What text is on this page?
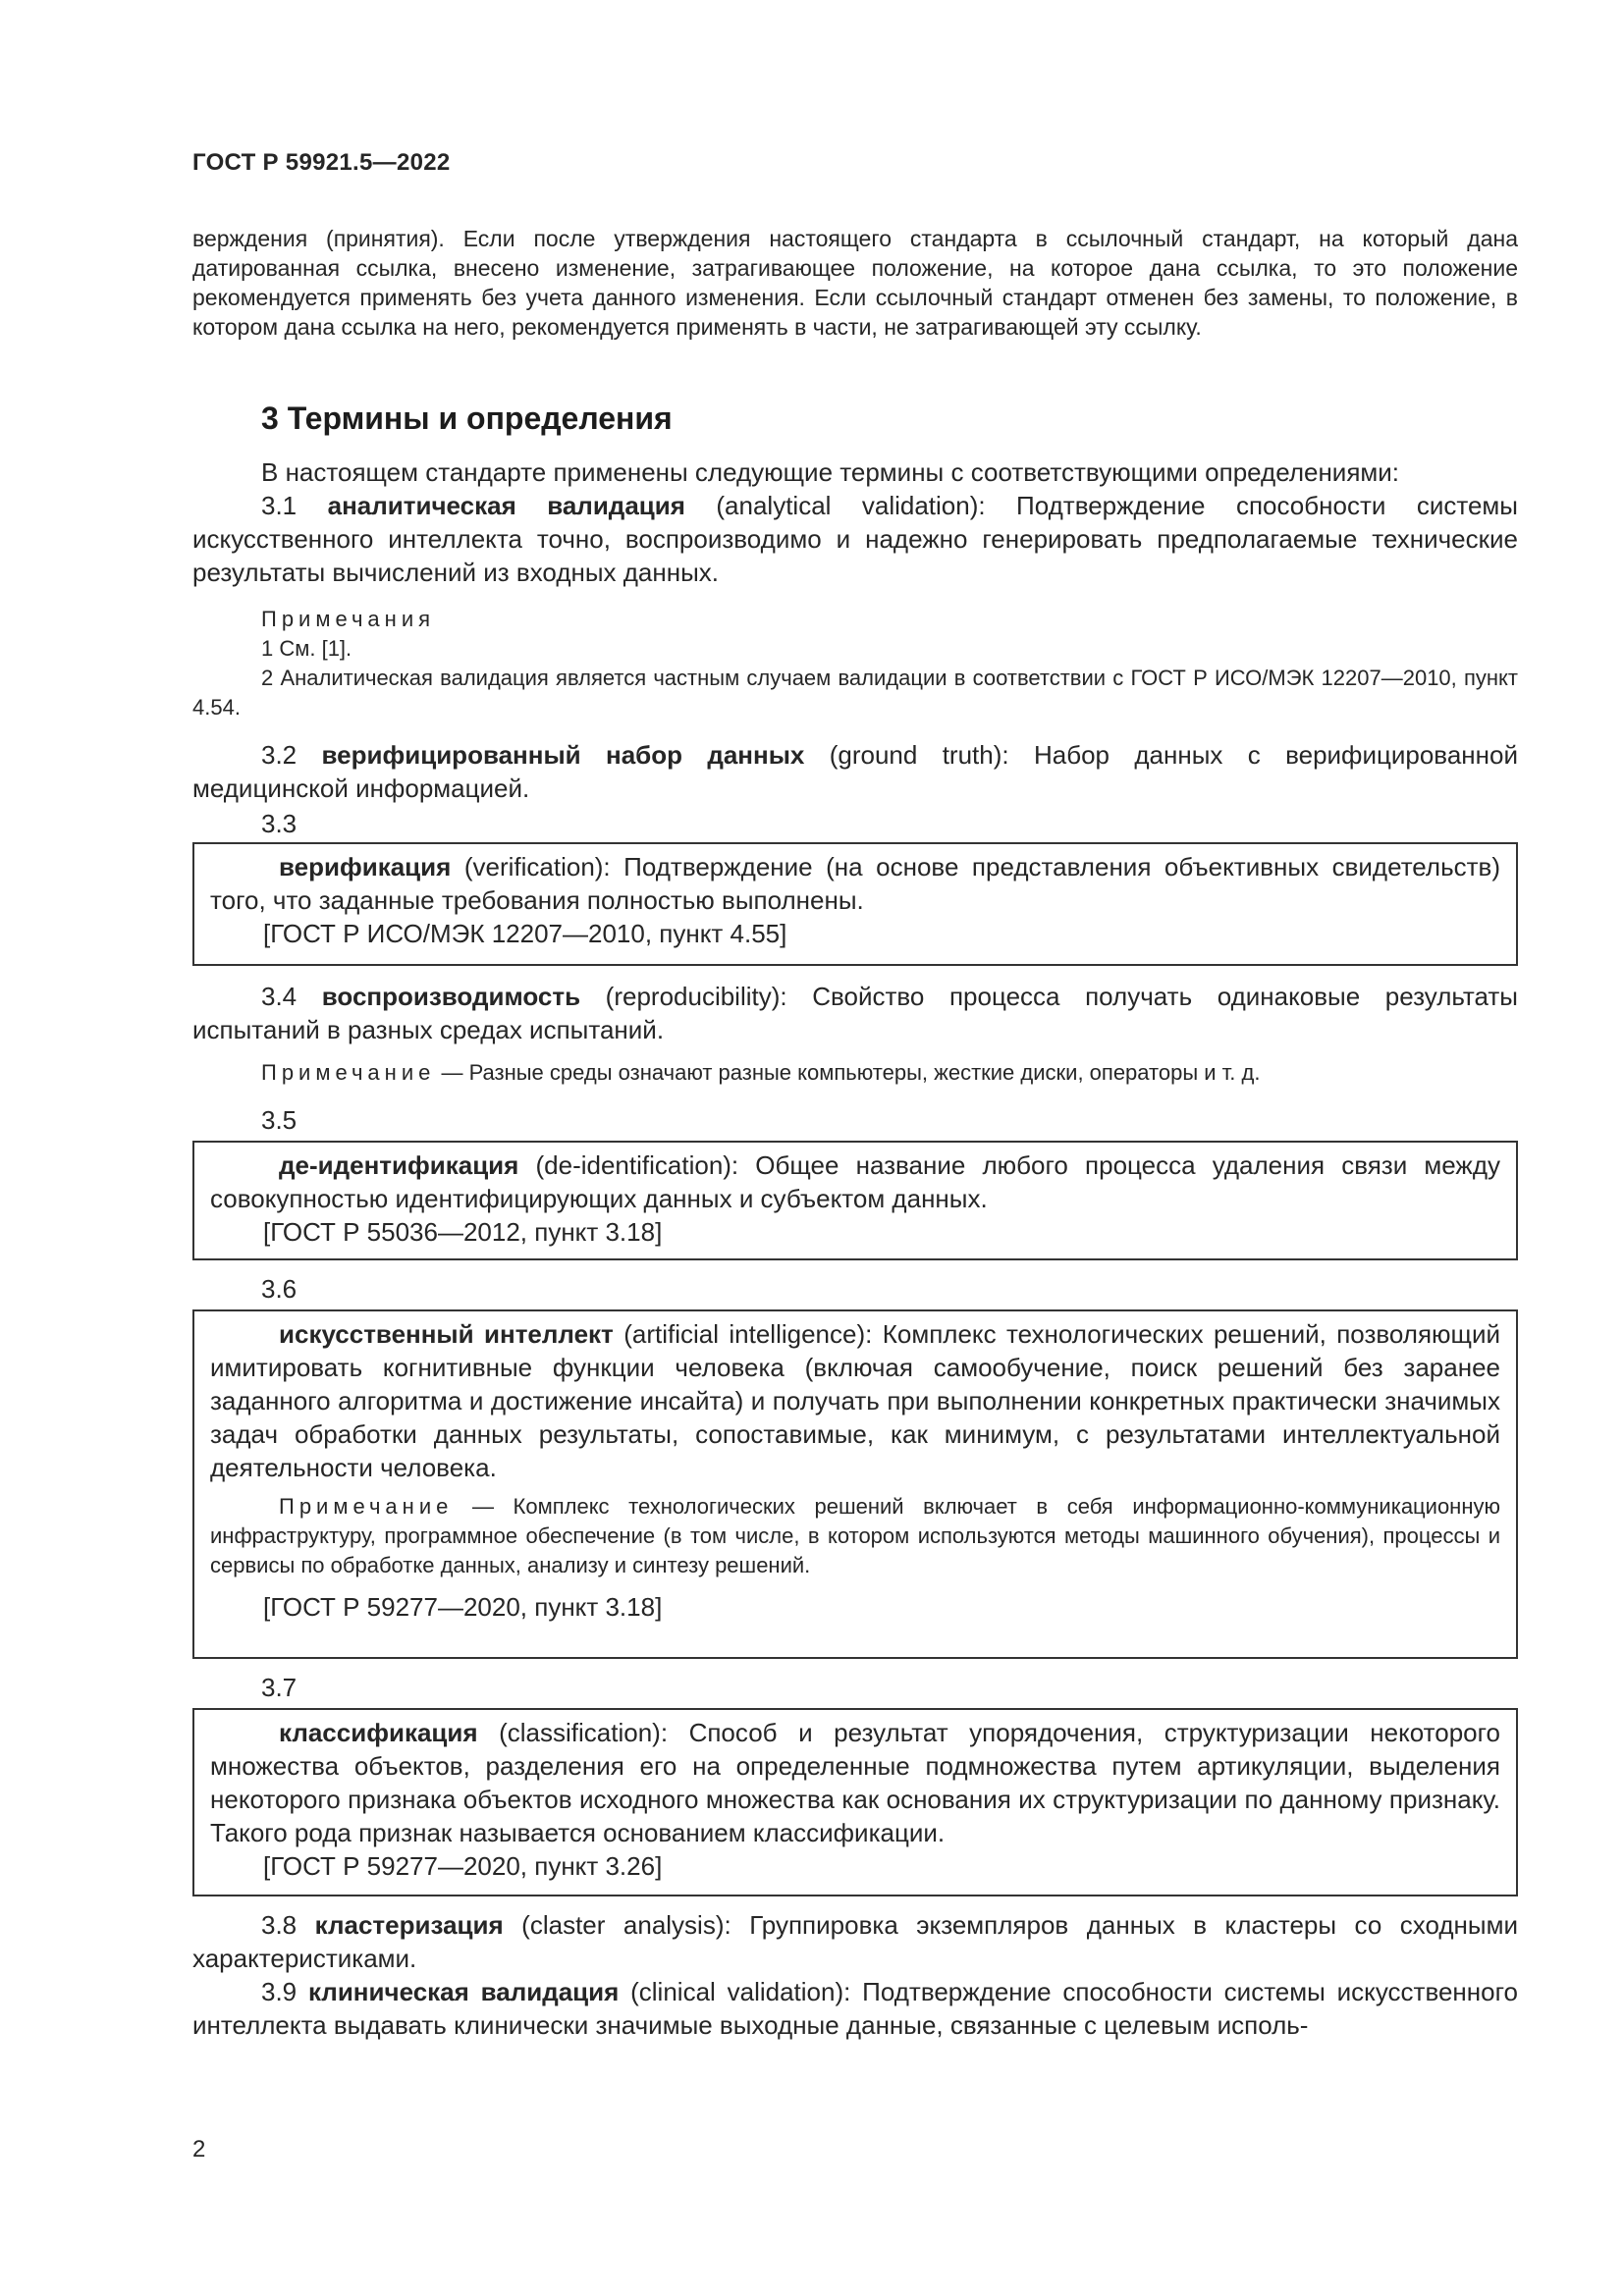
ГОСТ Р 59921.5—2022

верждения (принятия). Если после утверждения настоящего стандарта в ссылочный стандарт, на который дана датированная ссылка, внесено изменение, затрагивающее положение, на которое дана ссылка, то это положение рекомендуется применять без учета данного изменения. Если ссылочный стандарт отменен без замены, то положение, в котором дана ссылка на него, рекомендуется применять в части, не затрагивающей эту ссылку.

3 Термины и определения

В настоящем стандарте применены следующие термины с соответствующими определениями:

3.1 аналитическая валидация (analytical validation): Подтверждение способности системы искусственного интеллекта точно, воспроизводимо и надежно генерировать предполагаемые технические результаты вычислений из входных данных.

Примечания

1 См. [1].

2 Аналитическая валидация является частным случаем валидации в соответствии с ГОСТ Р ИСО/МЭК 12207—2010, пункт 4.54.

3.2 верифицированный набор данных (ground truth): Набор данных с верифицированной медицинской информацией.

3.3

верификация (verification): Подтверждение (на основе представления объективных свидетельств) того, что заданные требования полностью выполнены.

[ГОСТ Р ИСО/МЭК 12207—2010, пункт 4.55]

3.4 воспроизводимость (reproducibility): Свойство процесса получать одинаковые результаты испытаний в разных средах испытаний.

Примечание — Разные среды означают разные компьютеры, жесткие диски, операторы и т. д.

3.5

де-идентификация (de-identification): Общее название любого процесса удаления связи между совокупностью идентифицирующих данных и субъектом данных.

[ГОСТ Р 55036—2012, пункт 3.18]

3.6

искусственный интеллект (artificial intelligence): Комплекс технологических решений, позволяющий имитировать когнитивные функции человека (включая самообучение, поиск решений без заранее заданного алгоритма и достижение инсайта) и получать при выполнении конкретных практически значимых задач обработки данных результаты, сопоставимые, как минимум, с результатами интеллектуальной деятельности человека.

Примечание — Комплекс технологических решений включает в себя информационно-коммуникационную инфраструктуру, программное обеспечение (в том числе, в котором используются методы машинного обучения), процессы и сервисы по обработке данных, анализу и синтезу решений.

[ГОСТ Р 59277—2020, пункт 3.18]

3.7

классификация (classification): Способ и результат упорядочения, структуризации некоторого множества объектов, разделения его на определенные подмножества путем артикуляции, выделения некоторого признака объектов исходного множества как основания их структуризации по данному признаку. Такого рода признак называется основанием классификации.

[ГОСТ Р 59277—2020, пункт 3.26]

3.8 кластеризация (claster analysis): Группировка экземпляров данных в кластеры со сходными характеристиками.

3.9 клиническая валидация (clinical validation): Подтверждение способности системы искусственного интеллекта выдавать клинически значимые выходные данные, связанные с целевым исполь-

2
